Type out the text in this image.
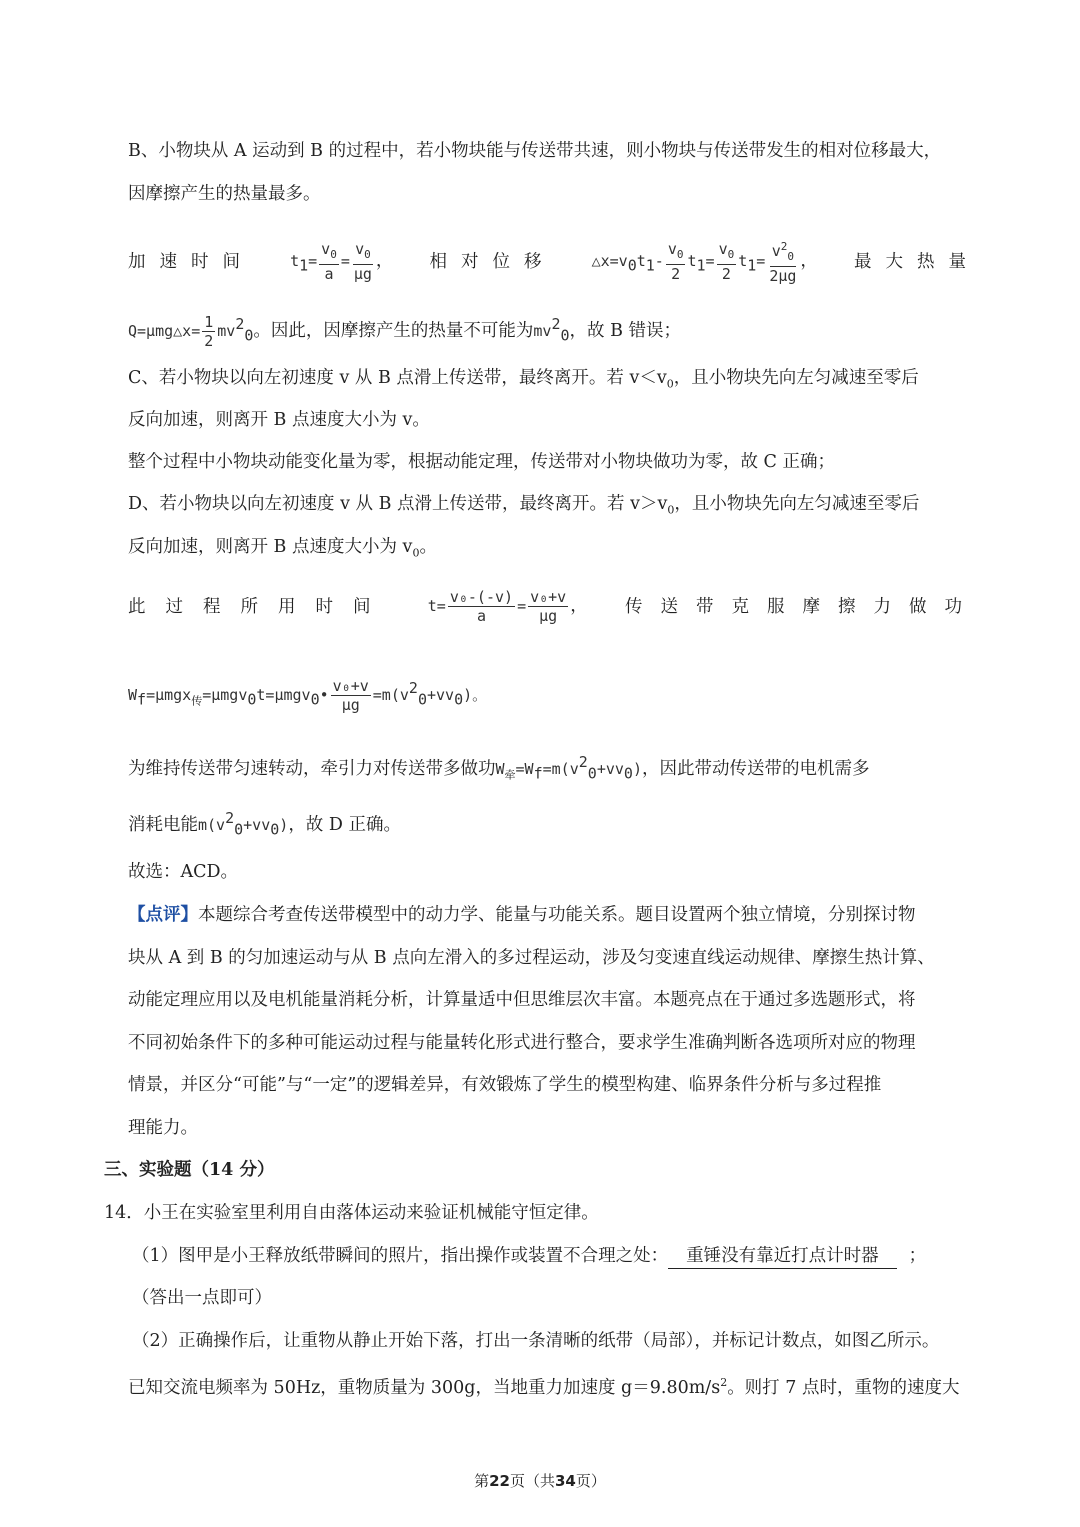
B、小物块从 A 运动到 B 的过程中，若小物块能与传送带共速，则小物块与传送带发生的相对位移最大，
因摩擦产生的热量最多。
加速时间 $t_1= \frac{v_0}{a} = \frac{v_0}{\mu g}$ ， 相对位移 $\triangle x=v_0t_1- \frac{v_0}{2} t_1= \frac{v_0}{2} t_1= \frac{v^2_0}{2\mu g}$ ， 最大热量
Q=μmg△x= $\frac{1}{2} mv^2_0$。因此，因摩擦产生的热量不可能为$mv^2_0$，故 B 错误；
C、若小物块以向左初速度 v 从 B 点滑上传送带，最终离开。若 $v<v_0$，且小物块先向左匀减速至零后
反向加速，则离开 B 点速度大小为 v。
整个过程中小物块动能变化量为零，根据动能定理，传送带对小物块做功为零，故 C 正确；
D、若小物块以向左初速度 v 从 B 点滑上传送带，最终离开。若 $v>v_0$，且小物块先向左匀减速至零后
反向加速，则离开 B 点速度大小为 $v_0$。
此过程所用时间 $t= \frac{\text{v₀-(-v)}}{a} = \frac{\text{v₀+v}}{\mu g}$ ， 传送带克服摩擦力做功
$W_f=\mu mgx_传=\mu mgv_0t=\mu mgv_0• \frac{\text{v₀+v}}{\mu g} =m(v^2_0+vv_0)$。
为维持传送带匀速转动，牵引力对传送带多做功$W_牵=W_f=m(v^2_0+vv_0)$，因此带动传送带的电机需多
消耗电能$m(v^2_0+vv_0)$，故 D 正确。
故选：ACD。
【点评】本题综合考查传送带模型中的动力学、能量与功能关系。题目设置两个独立情境，分别探讨物
块从 A 到 B 的匀加速运动与从 B 点向左滑入的多过程运动，涉及匀变速直线运动规律、摩擦生热计算、
动能定理应用以及电机能量消耗分析，计算量适中但思维层次丰富。本题亮点在于通过多选题形式，将
不同初始条件下的多种可能运动过程与能量转化形式进行整合，要求学生准确判断各选项所对应的物理
情景，并区分“可能”与“一定”的逻辑差异，有效锻炼了学生的模型构建、临界条件分析与多过程推
理能力。
三、实验题（14 分）
14．小王在实验室里利用自由落体运动来验证机械能守恒定律。
（1）图甲是小王释放纸带瞬间的照片，指出操作或装置不合理之处： 重锤没有靠近打点计时器 ；
（答出一点即可）
（2）正确操作后，让重物从静止开始下落，打出一条清晰的纸带（局部），并标记计数点，如图乙所示。
已知交流电频率为 50Hz，重物质量为 300g，当地重力加速度 $g=9.80m/s^2$。则打 7 点时，重物的速度大
第22页（共34页）
